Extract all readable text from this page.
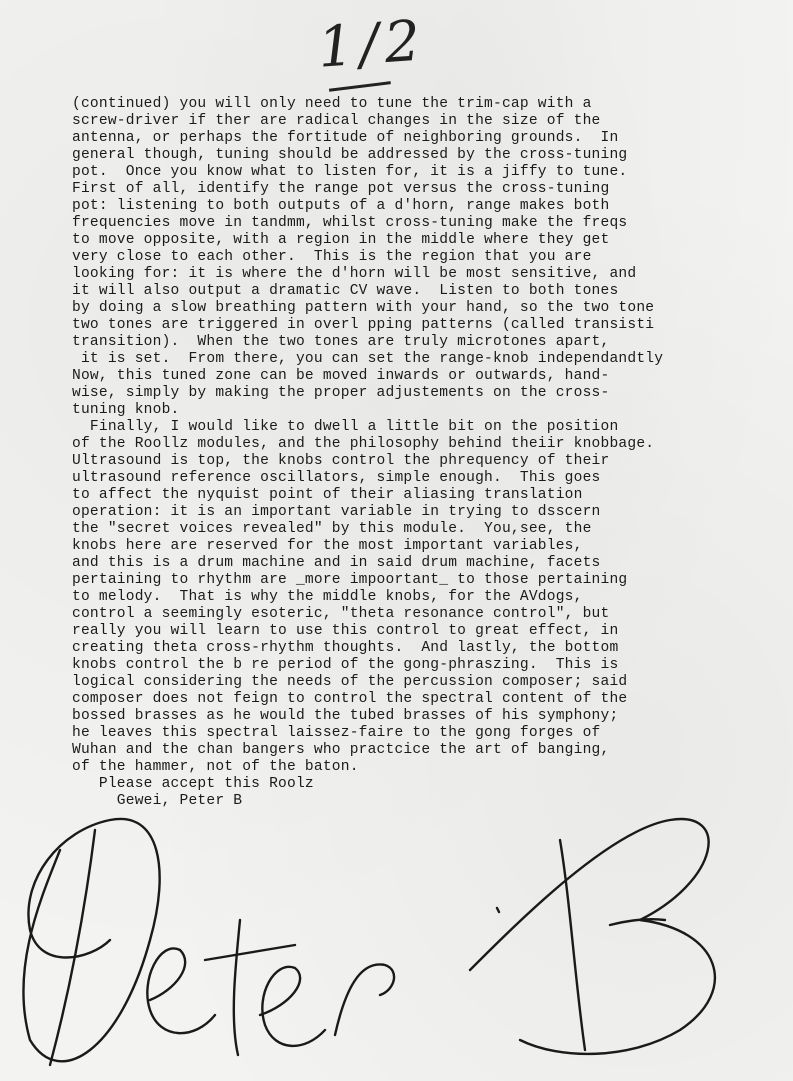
1/2
(continued) you will only need to tune the trim-cap with a
screw-driver if ther are radical changes in the size of the
antenna, or perhaps the fortitude of neighboring grounds.  In
general though, tuning should be addressed by the cross-tuning
pot.  Once you know what to listen for, it is a jiffy to tune.
First of all, identify the range pot versus the cross-tuning
pot: listening to both outputs of a d'horn, range makes both
frequencies move in tandmm, whilst cross-tuning make the freqs
to move opposite, with a region in the middle where they get
very close to each other.  This is the region that you are
looking for: it is where the d'horn will be most sensitive, and
it will also output a dramatic CV wave.  Listen to both tones
by doing a slow breathing pattern with your hand, so the two tone
two tones are triggered in overl pping patterns (called transisti
transition).  When the two tones are truly microtones apart,
it is set.  From there, you can set the range-knob independandtly
Now, this tuned zone can be moved inwards or outwards, hand-
wise, simply by making the proper adjustements on the cross-
tuning knob.
Finally, I would like to dwell a little bit on the position
of the Roollz modules, and the philosophy behind theiir knobbage.
Ultrasound is top, the knobs control the phrequency of their
ultrasound reference oscillators, simple enough.  This goes
to affect the nyquist point of their aliasing translation
operation: it is an important variable in trying to dsscern
the "secret voices revealed" by this module.  You,see, the
knobs here are reserved for the most important variables,
and this is a drum machine and in said drum machine, facets
pertaining to rhythm are _more impoortant_ to those pertaining
to melody.  That is why the middle knobs, for the AVdogs,
control a seemingly esoteric, "theta resonance control", but
really you will learn to use this control to great effect, in
creating theta cross-rhythm thoughts.  And lastly, the bottom
knobs control the b re period of the gong-phraszing.  This is
logical considering the needs of the percussion composer; said
composer does not feign to control the spectral content of the
bossed brasses as he would the tubed brasses of his symphony;
he leaves this spectral laissez-faire to the gong forges of
Wuhan and the chan bangers who practcice the art of banging,
of the hammer, not of the baton.
Please accept this Roolz
Gewei, Peter B
Peter B
